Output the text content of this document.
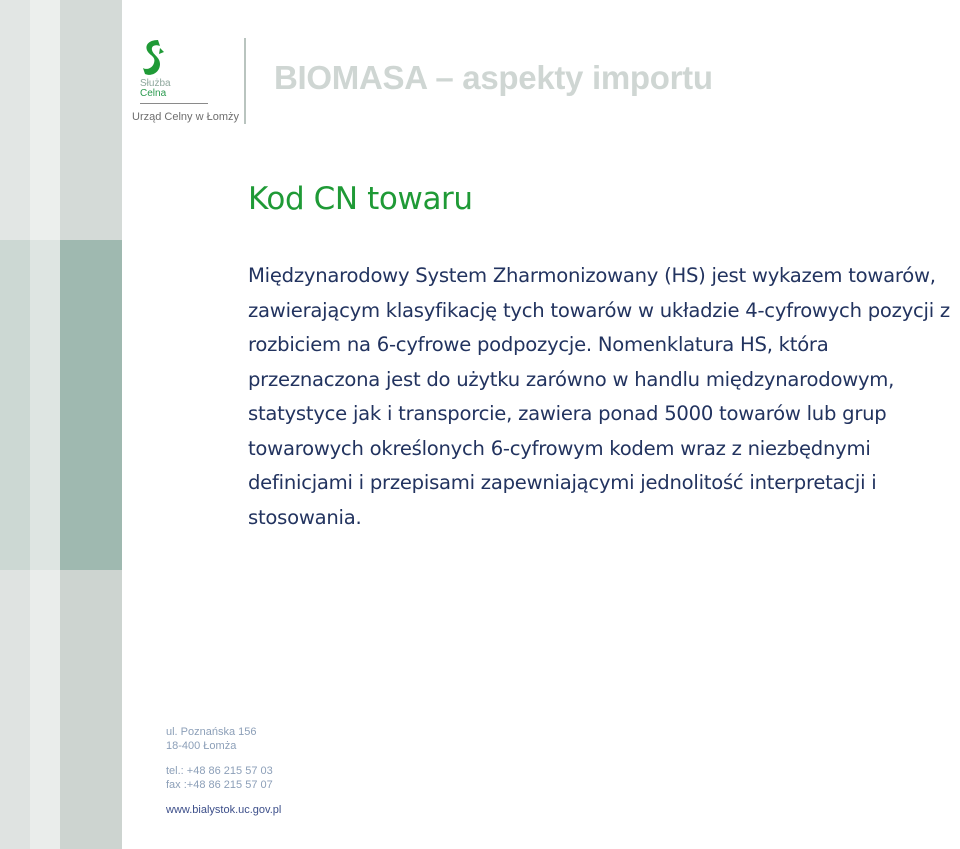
Służba
Celna
Urząd Celny w Łomży
BIOMASA – aspekty importu
Kod CN towaru

Międzynarodowy System Zharmonizowany (HS) jest wykazem towarów, zawierającym klasyfikację tych towarów w układzie 4-cyfrowych pozycji z rozbiciem na 6-cyfrowe podpozycje. Nomenklatura HS, która przeznaczona jest do użytku zarówno w handlu międzynarodowym, statystyce jak i transporcie, zawiera ponad 5000 towarów lub grup towarowych określonych 6-cyfrowym kodem wraz z niezbędnymi definicjami i przepisami zapewniającymi jednolitość interpretacji i stosowania.

ul. Poznańska 156
18-400 Łomża
tel.: +48 86 215 57 03
fax :+48 86 215 57 07
www.bialystok.uc.gov.pl
